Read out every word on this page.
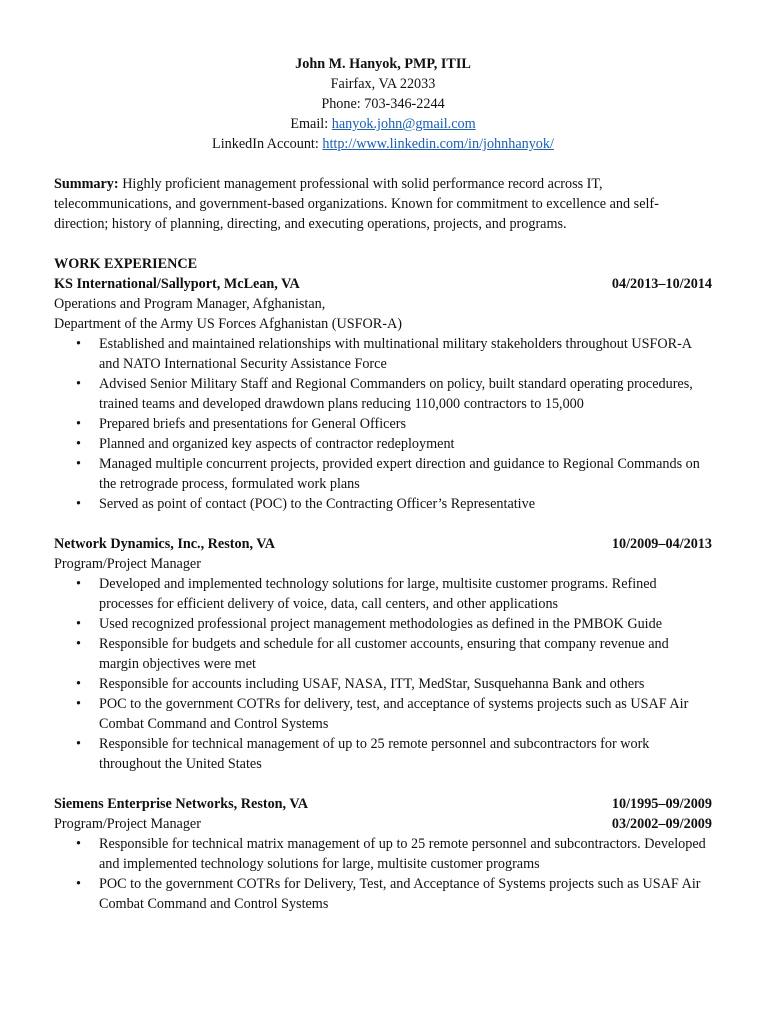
John M. Hanyok, PMP, ITIL
Fairfax, VA 22033
Phone: 703-346-2244
Email: hanyok.john@gmail.com
LinkedIn Account: http://www.linkedin.com/in/johnhanyok/
Summary: Highly proficient management professional with solid performance record across IT, telecommunications, and government-based organizations. Known for commitment to excellence and self-direction; history of planning, directing, and executing operations, projects, and programs.
WORK EXPERIENCE
KS International/Sallyport, McLean, VA	04/2013–10/2014
Operations and Program Manager, Afghanistan,
Department of the Army US Forces Afghanistan (USFOR-A)
• Established and maintained relationships with multinational military stakeholders throughout USFOR-A and NATO International Security Assistance Force
• Advised Senior Military Staff and Regional Commanders on policy, built standard operating procedures, trained teams and developed drawdown plans reducing 110,000 contractors to 15,000
• Prepared briefs and presentations for General Officers
• Planned and organized key aspects of contractor redeployment
• Managed multiple concurrent projects, provided expert direction and guidance to Regional Commands on the retrograde process, formulated work plans
• Served as point of contact (POC) to the Contracting Officer’s Representative
Network Dynamics, Inc., Reston, VA	10/2009–04/2013
Program/Project Manager
• Developed and implemented technology solutions for large, multisite customer programs. Refined processes for efficient delivery of voice, data, call centers, and other applications
• Used recognized professional project management methodologies as defined in the PMBOK Guide
• Responsible for budgets and schedule for all customer accounts, ensuring that company revenue and margin objectives were met
• Responsible for accounts including USAF, NASA, ITT, MedStar, Susquehanna Bank and others
• POC to the government COTRs for delivery, test, and acceptance of systems projects such as USAF Air Combat Command and Control Systems
• Responsible for technical management of up to 25 remote personnel and subcontractors for work throughout the United States
Siemens Enterprise Networks, Reston, VA	10/1995–09/2009
Program/Project Manager	03/2002–09/2009
• Responsible for technical matrix management of up to 25 remote personnel and subcontractors. Developed and implemented technology solutions for large, multisite customer programs
• POC to the government COTRs for Delivery, Test, and Acceptance of Systems projects such as USAF Air Combat Command and Control Systems
